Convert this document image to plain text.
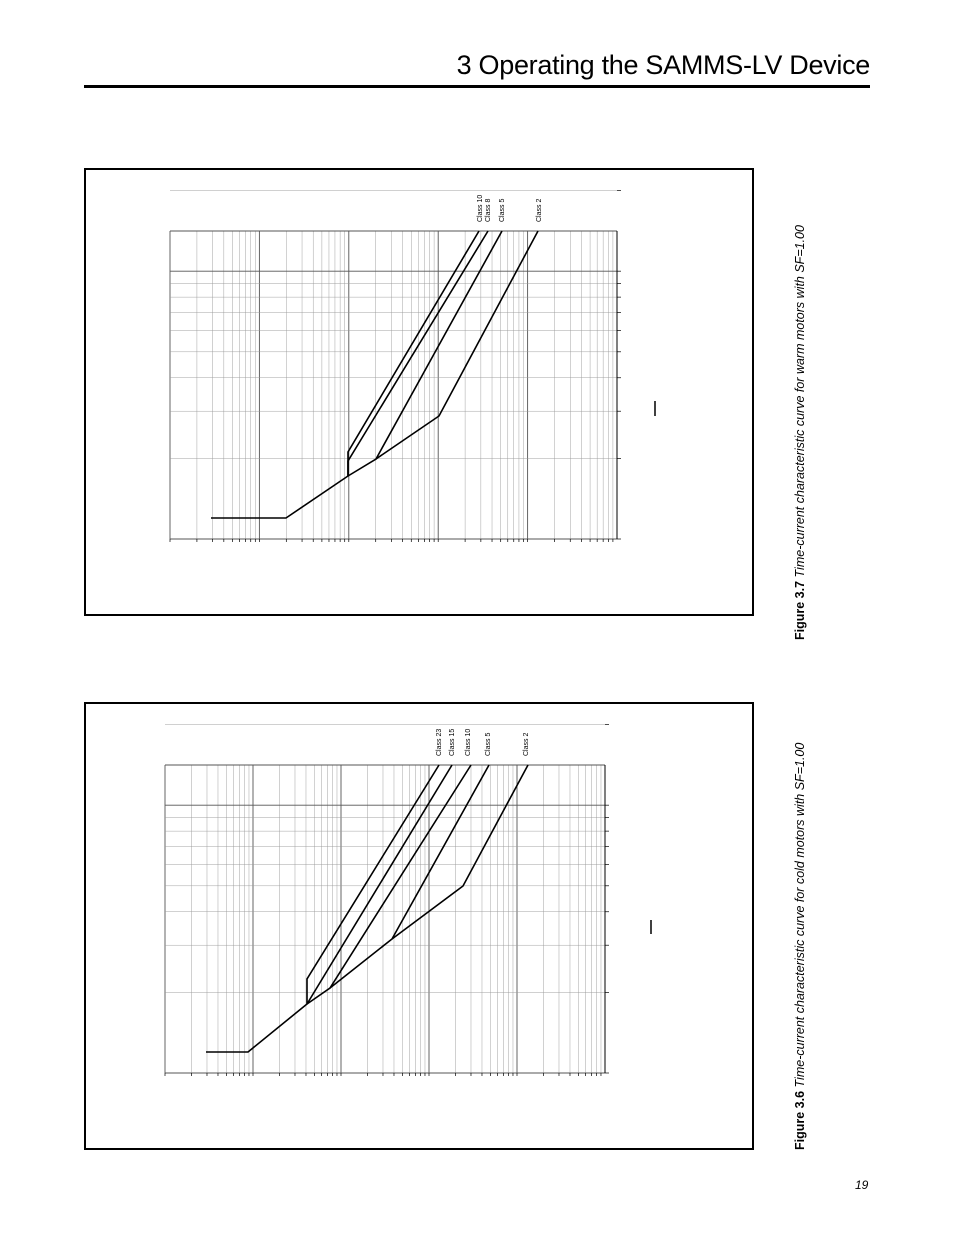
3 Operating the SAMMS-LV Device
Class 10 Class 8 Class 5	Class 2
Class 23 Class 15 Class 10 Class 5	Class 2
Figure 3.7 Time-current characteristic curve for warm motors with SF=1.00
Figure 3.6 Time-current characteristic curve for cold motors with SF=1.00
19
